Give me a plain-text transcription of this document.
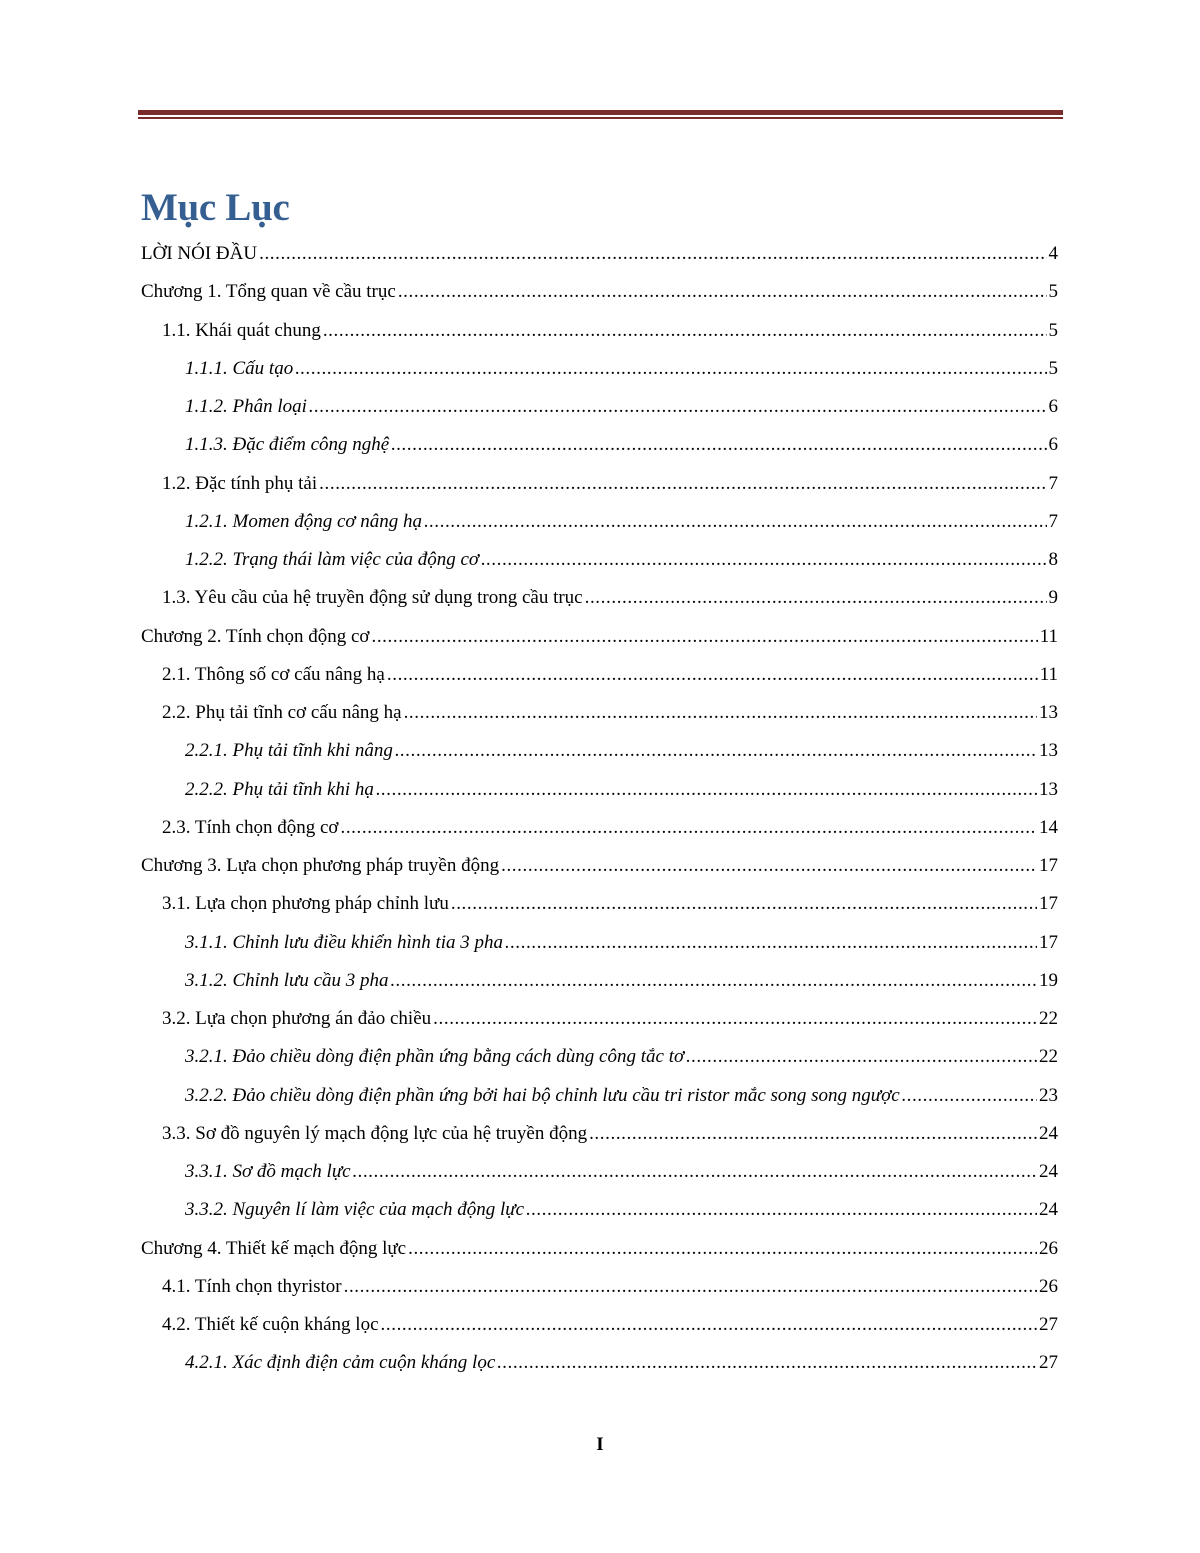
Mục Lục
LỜI NÓI ĐẦU .....	4
Chương 1. Tổng quan về cầu trục .....	5
1.1. Khái quát chung .....	5
1.1.1. Cấu tạo .....	5
1.1.2. Phân loại .....	6
1.1.3. Đặc điểm công nghệ .....	6
1.2. Đặc tính phụ tải .....	7
1.2.1. Momen động cơ nâng hạ .....	7
1.2.2. Trạng thái làm việc của động cơ .....	8
1.3. Yêu cầu của hệ truyền động sử dụng trong cầu trục .....	9
Chương 2. Tính chọn động cơ .....	11
2.1. Thông số cơ cấu nâng hạ .....	11
2.2. Phụ tải tĩnh cơ cấu nâng hạ .....	13
2.2.1. Phụ tải tĩnh khi nâng .....	13
2.2.2. Phụ tải tĩnh khi hạ .....	13
2.3. Tính chọn động cơ .....	14
Chương 3. Lựa chọn phương pháp truyền động .....	17
3.1. Lựa chọn phương pháp chỉnh lưu .....	17
3.1.1. Chỉnh lưu điều khiển hình tia 3 pha .....	17
3.1.2. Chỉnh lưu cầu 3 pha .....	19
3.2. Lựa chọn phương án đảo chiều .....	22
3.2.1. Đảo chiều dòng điện phần ứng bằng cách dùng công tắc tơ .....	22
3.2.2. Đảo chiều dòng điện phần ứng bởi hai bộ chỉnh lưu cầu tri ristor mắc song song ngược .....	23
3.3. Sơ đồ nguyên lý mạch động lực của hệ truyền động .....	24
3.3.1. Sơ đồ mạch lực .....	24
3.3.2. Nguyên lí làm việc của mạch động lực .....	24
Chương 4. Thiết kế mạch động lực .....	26
4.1. Tính chọn thyristor .....	26
4.2. Thiết kế cuộn kháng lọc .....	27
4.2.1. Xác định điện cảm cuộn kháng lọc .....	27
I
